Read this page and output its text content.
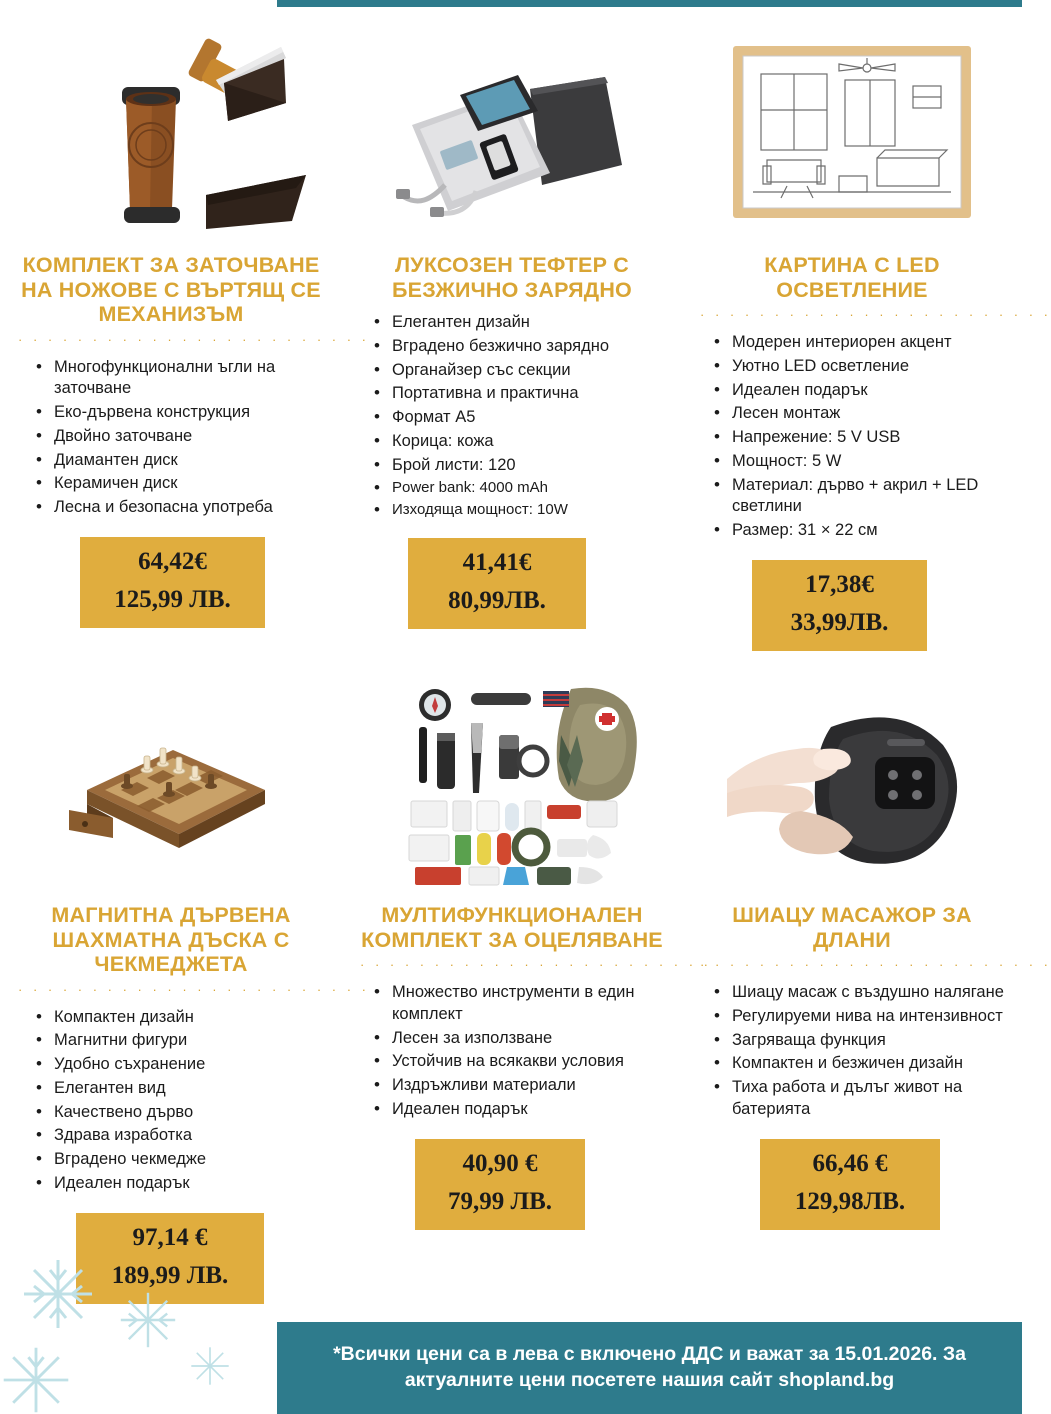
КОМПЛЕКТ ЗА ЗАТОЧВАНЕ НА НОЖОВЕ С ВЪРТЯЩ СЕ МЕХАНИЗЪМ
· · · · · · · · · · · · · · · · · · · · · · · ·
• Многофункционални ъгли на заточване
• Еко-дървена конструкция
• Двойно заточване
• Диамантен диск
• Керамичен диск
• Лесна и безопасна употреба
64,42€
125,99 ЛВ.
ЛУКСОЗЕН ТЕФТЕР С БЕЗЖИЧНО ЗАРЯДНО
• Елегантен дизайн
• Вградено безжично зарядно
• Органайзер със секции
• Портативна и практична
• Формат А5
• Корица: кожа
• Брой листи: 120
• Power bank: 4000 mAh
• Изходяща мощност: 10W
41,41€
80,99ЛВ.
КАРТИНА С LED ОСВЕТЛЕНИЕ
· · · · · · · · · · · · · · · · · · · · · · · ·
• Модерен интериорен акцент
• Уютно LED осветление
• Идеален подарък
• Лесен монтаж
• Напрежение: 5 V USB
• Мощност: 5 W
• Материал: дърво + акрил + LED светлини
• Размер: 31 × 22 см
17,38€
33,99ЛВ.
МАГНИТНА ДЪРВЕНА ШАХМАТНА ДЪСКА С ЧЕКМЕДЖЕТА
· · · · · · · · · · · · · · · · · · · · · · · ·
• Компактен дизайн
• Магнитни фигури
• Удобно съхранение
• Елегантен вид
• Качествено дърво
• Здрава изработка
• Вградено чекмедже
• Идеален подарък
97,14 €
189,99 ЛВ.
МУЛТИФУНКЦИОНАЛЕН КОМПЛЕКТ ЗА ОЦЕЛЯВАНЕ
· · · · · · · · · · · · · · · · · · · · · · · ·
• Множество инструменти в един комплект
• Лесен за използване
• Устойчив на всякакви условия
• Издръжливи материали
• Идеален подарък
40,90 €
79,99 ЛВ.
ШИАЦУ МАСАЖОР ЗА ДЛАНИ
· · · · · · · · · · · · · · · · · · · · · · · ·
• Шиацу масаж с въздушно налягане
• Регулируеми нива на интензивност
• Загряваща функция
• Компактен и безжичен дизайн
• Тиха работа и дълъг живот на батерията
66,46 €
129,98ЛВ.
*Всички цени са в лева с включено ДДС и важат за 15.01.2026. За актуалните цени посетете нашия сайт shopland.bg
